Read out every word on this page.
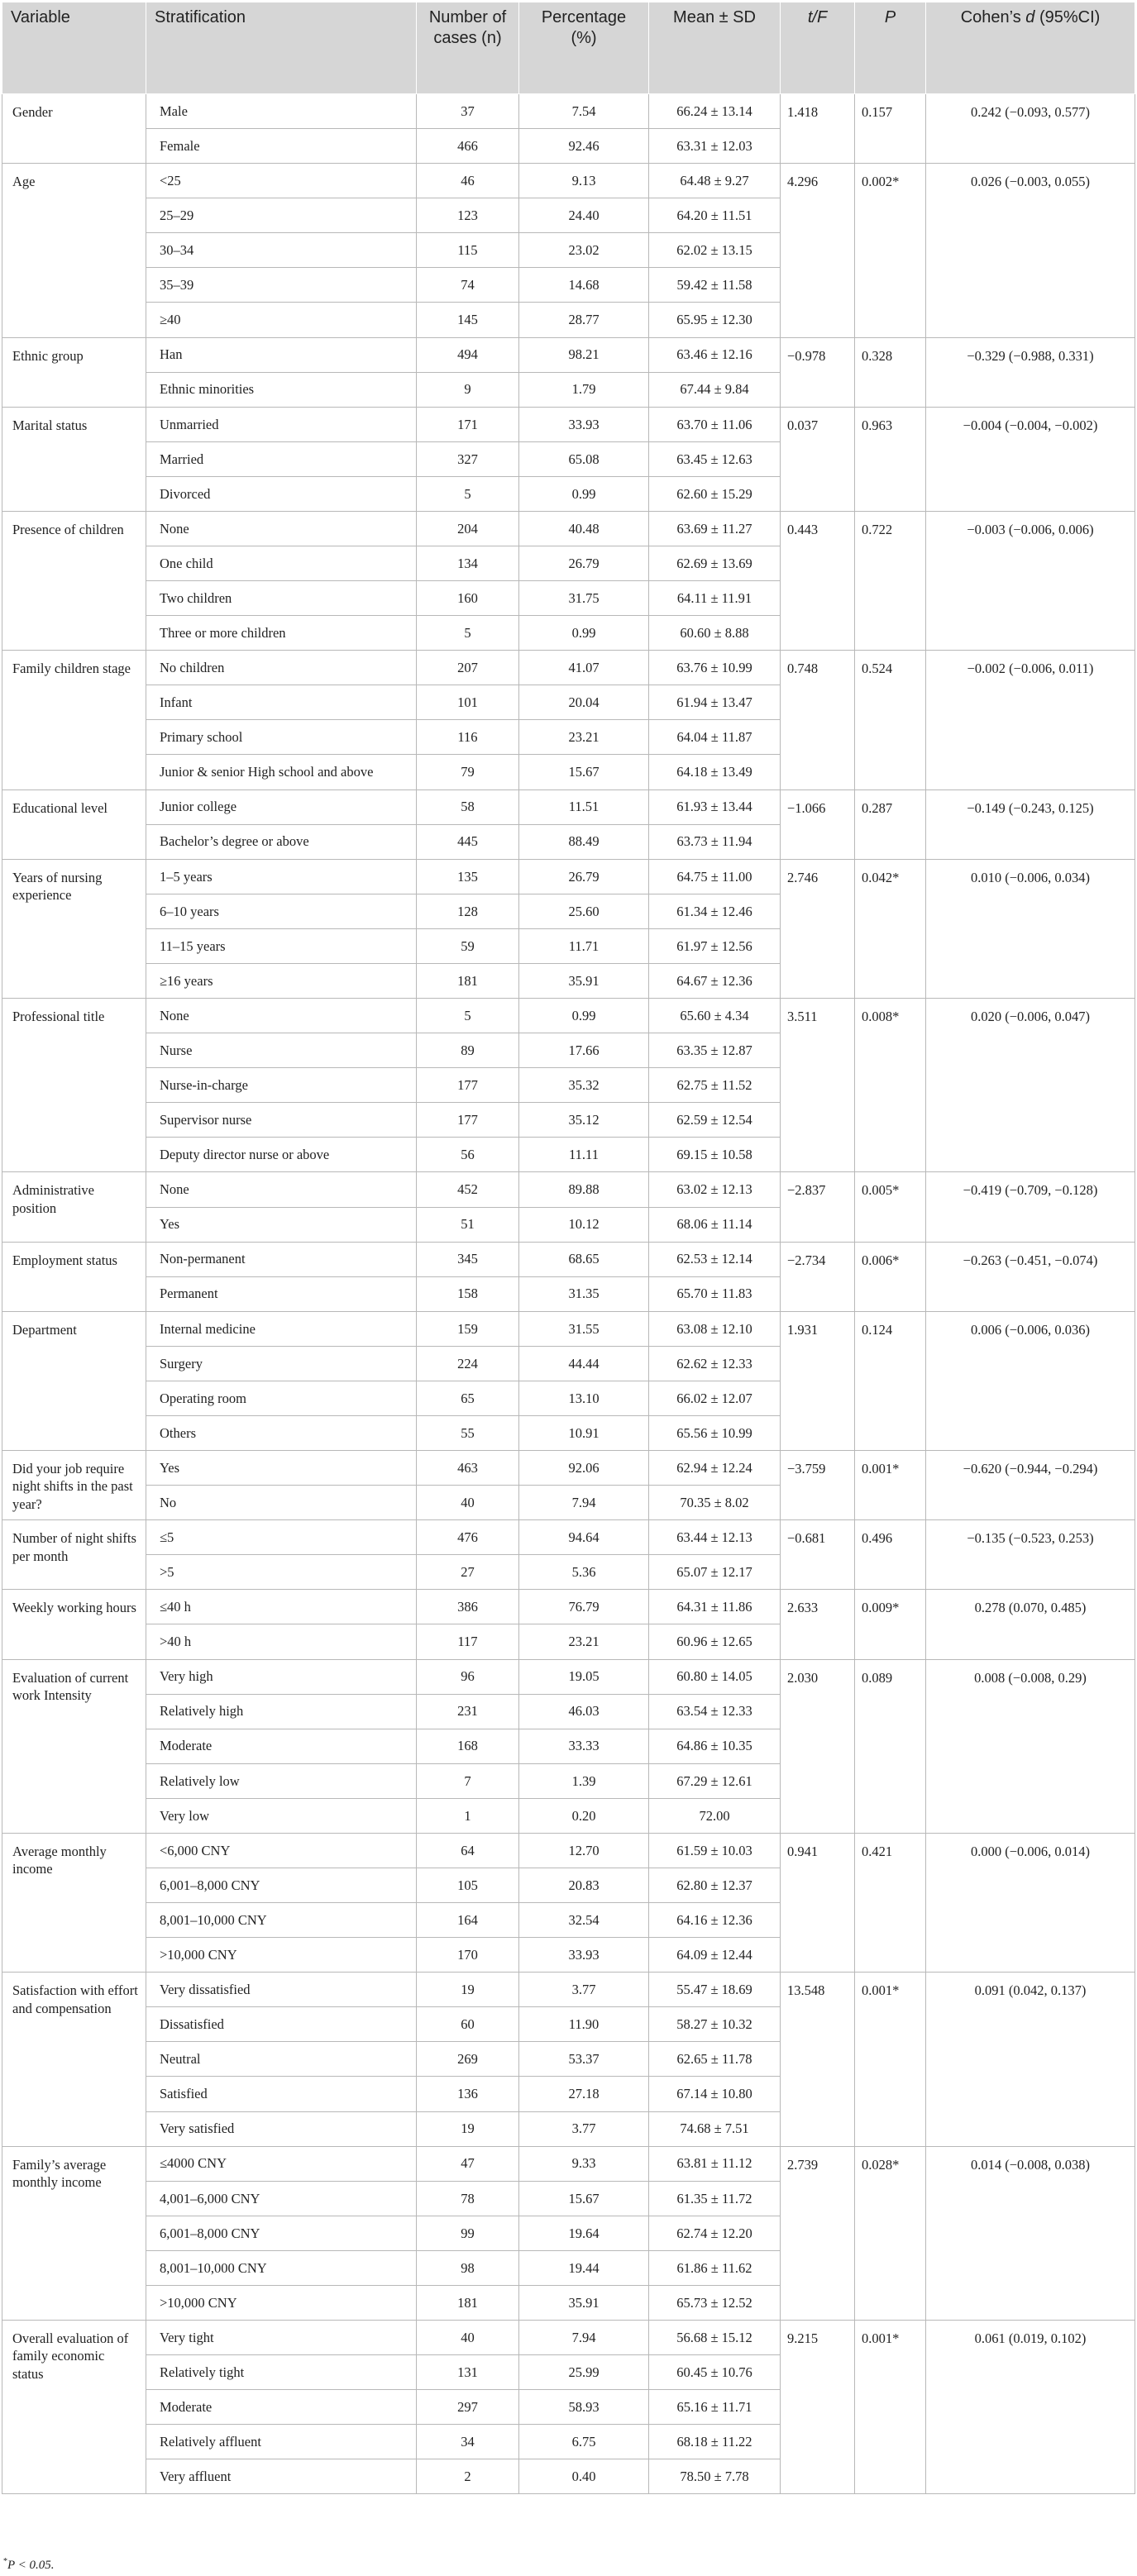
Variable	Stratification	Number of cases (n)	Percentage (%)	Mean ± SD	t/F	P	Cohen’s d (95%CI)
Gender	Male	37	7.54	66.24 ± 13.14	1.418	0.157	0.242 (−0.093, 0.577)
	Female	466	92.46	63.31 ± 12.03			
Age	<25	46	9.13	64.48 ± 9.27	4.296	0.002*	0.026 (−0.003, 0.055)
	25–29	123	24.40	64.20 ± 11.51			
	30–34	115	23.02	62.02 ± 13.15			
	35–39	74	14.68	59.42 ± 11.58			
	≥40	145	28.77	65.95 ± 12.30			
Ethnic group	Han	494	98.21	63.46 ± 12.16	−0.978	0.328	−0.329 (−0.988, 0.331)
	Ethnic minorities	9	1.79	67.44 ± 9.84			
Marital status	Unmarried	171	33.93	63.70 ± 11.06	0.037	0.963	−0.004 (−0.004, −0.002)
	Married	327	65.08	63.45 ± 12.63			
	Divorced	5	0.99	62.60 ± 15.29			
Presence of children	None	204	40.48	63.69 ± 11.27	0.443	0.722	−0.003 (−0.006, 0.006)
	One child	134	26.79	62.69 ± 13.69			
	Two children	160	31.75	64.11 ± 11.91			
	Three or more children	5	0.99	60.60 ± 8.88			
Family children stage	No children	207	41.07	63.76 ± 10.99	0.748	0.524	−0.002 (−0.006, 0.011)
	Infant	101	20.04	61.94 ± 13.47			
	Primary school	116	23.21	64.04 ± 11.87			
	Junior & senior High school and above	79	15.67	64.18 ± 13.49			
Educational level	Junior college	58	11.51	61.93 ± 13.44	−1.066	0.287	−0.149 (−0.243, 0.125)
	Bachelor’s degree or above	445	88.49	63.73 ± 11.94			
Years of nursing experience	1–5 years	135	26.79	64.75 ± 11.00	2.746	0.042*	0.010 (−0.006, 0.034)
	6–10 years	128	25.60	61.34 ± 12.46			
	11–15 years	59	11.71	61.97 ± 12.56			
	≥16 years	181	35.91	64.67 ± 12.36			
Professional title	None	5	0.99	65.60 ± 4.34	3.511	0.008*	0.020 (−0.006, 0.047)
	Nurse	89	17.66	63.35 ± 12.87			
	Nurse-in-charge	177	35.32	62.75 ± 11.52			
	Supervisor nurse	177	35.12	62.59 ± 12.54			
	Deputy director nurse or above	56	11.11	69.15 ± 10.58			
Administrative position	None	452	89.88	63.02 ± 12.13	−2.837	0.005*	−0.419 (−0.709, −0.128)
	Yes	51	10.12	68.06 ± 11.14			
Employment status	Non-permanent	345	68.65	62.53 ± 12.14	−2.734	0.006*	−0.263 (−0.451, −0.074)
	Permanent	158	31.35	65.70 ± 11.83			
Department	Internal medicine	159	31.55	63.08 ± 12.10	1.931	0.124	0.006 (−0.006, 0.036)
	Surgery	224	44.44	62.62 ± 12.33			
	Operating room	65	13.10	66.02 ± 12.07			
	Others	55	10.91	65.56 ± 10.99			
Did your job require night shifts in the past year?	Yes	463	92.06	62.94 ± 12.24	−3.759	0.001*	−0.620 (−0.944, −0.294)
	No	40	7.94	70.35 ± 8.02			
Number of night shifts per month	≤5	476	94.64	63.44 ± 12.13	−0.681	0.496	−0.135 (−0.523, 0.253)
	>5	27	5.36	65.07 ± 12.17			
Weekly working hours	≤40 h	386	76.79	64.31 ± 11.86	2.633	0.009*	0.278 (0.070, 0.485)
	>40 h	117	23.21	60.96 ± 12.65			
Evaluation of current work Intensity	Very high	96	19.05	60.80 ± 14.05	2.030	0.089	0.008 (−0.008, 0.29)
	Relatively high	231	46.03	63.54 ± 12.33			
	Moderate	168	33.33	64.86 ± 10.35			
	Relatively low	7	1.39	67.29 ± 12.61			
	Very low	1	0.20	72.00			
Average monthly income	<6,000 CNY	64	12.70	61.59 ± 10.03	0.941	0.421	0.000 (−0.006, 0.014)
	6,001–8,000 CNY	105	20.83	62.80 ± 12.37			
	8,001–10,000 CNY	164	32.54	64.16 ± 12.36			
	>10,000 CNY	170	33.93	64.09 ± 12.44			
Satisfaction with effort and compensation	Very dissatisfied	19	3.77	55.47 ± 18.69	13.548	0.001*	0.091 (0.042, 0.137)
	Dissatisfied	60	11.90	58.27 ± 10.32			
	Neutral	269	53.37	62.65 ± 11.78			
	Satisfied	136	27.18	67.14 ± 10.80			
	Very satisfied	19	3.77	74.68 ± 7.51			
Family’s average monthly income	≤4000 CNY	47	9.33	63.81 ± 11.12	2.739	0.028*	0.014 (−0.008, 0.038)
	4,001–6,000 CNY	78	15.67	61.35 ± 11.72			
	6,001–8,000 CNY	99	19.64	62.74 ± 12.20			
	8,001–10,000 CNY	98	19.44	61.86 ± 11.62			
	>10,000 CNY	181	35.91	65.73 ± 12.52			
Overall evaluation of family economic status	Very tight	40	7.94	56.68 ± 15.12	9.215	0.001*	0.061 (0.019, 0.102)
	Relatively tight	131	25.99	60.45 ± 10.76			
	Moderate	297	58.93	65.16 ± 11.71			
	Relatively affluent	34	6.75	68.18 ± 11.22			
	Very affluent	2	0.40	78.50 ± 7.78			
*P < 0.05.
